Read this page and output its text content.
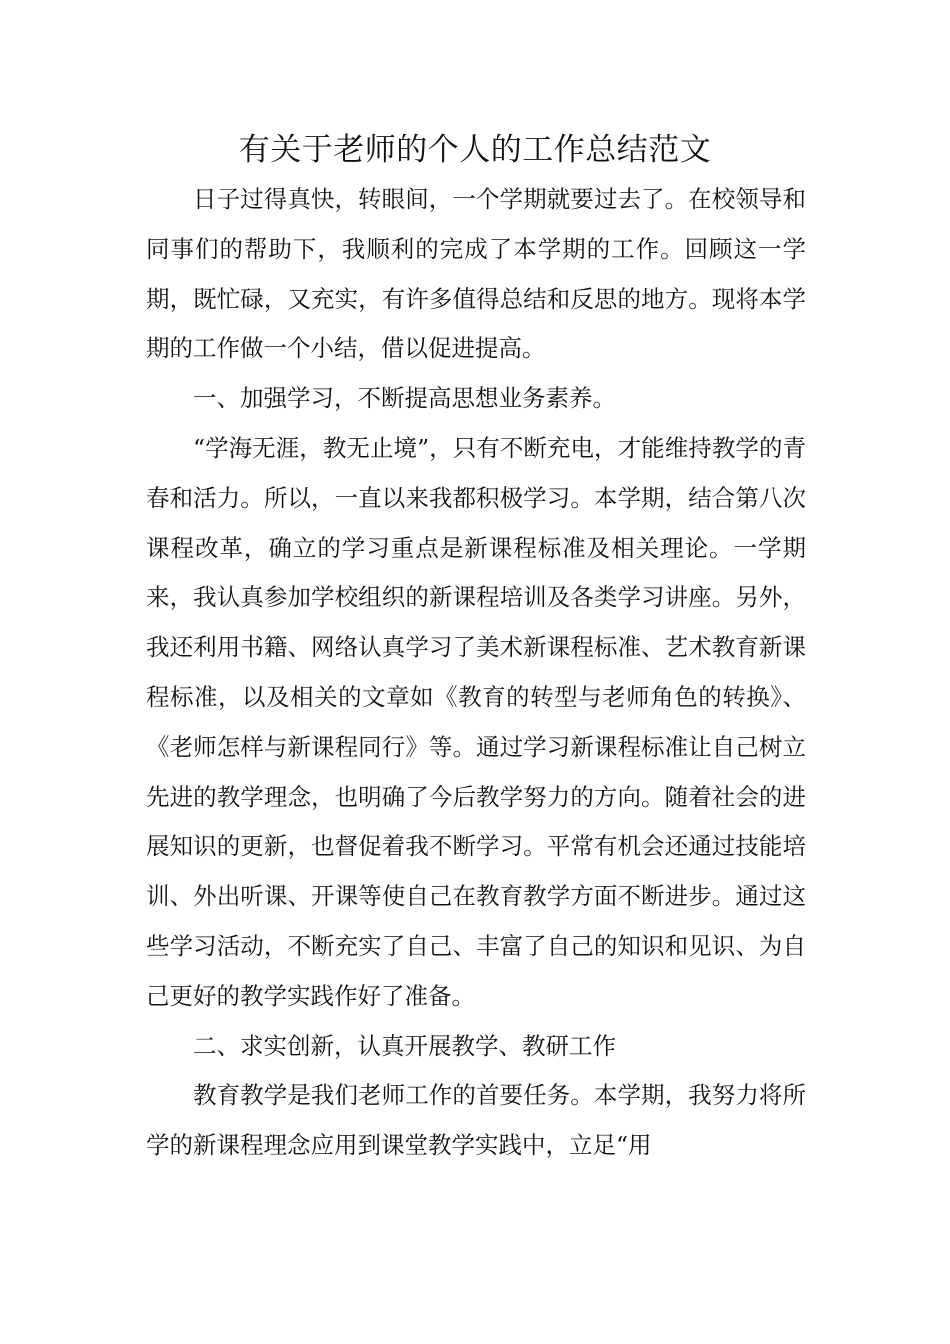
有关于老师的个人的工作总结范文

日子过得真快，转眼间，一个学期就要过去了。在校领导和同事们的帮助下，我顺利的完成了本学期的工作。回顾这一学期，既忙碌，又充实，有许多值得总结和反思的地方。现将本学期的工作做一个小结，借以促进提高。

一、加强学习，不断提高思想业务素养。

“学海无涯，教无止境”，只有不断充电，才能维持教学的青春和活力。所以，一直以来我都积极学习。本学期，结合第八次课程改革，确立的学习重点是新课程标准及相关理论。一学期来，我认真参加学校组织的新课程培训及各类学习讲座。另外，我还利用书籍、网络认真学习了美术新课程标准、艺术教育新课程标准，以及相关的文章如《教育的转型与老师角色的转换》、《老师怎样与新课程同行》等。通过学习新课程标准让自己树立先进的教学理念，也明确了今后教学努力的方向。随着社会的进展知识的更新，也督促着我不断学习。平常有机会还通过技能培训、外出听课、开课等使自己在教育教学方面不断进步。通过这些学习活动，不断充实了自己、丰富了自己的知识和见识、为自己更好的教学实践作好了准备。

二、求实创新，认真开展教学、教研工作

教育教学是我们老师工作的首要任务。本学期，我努力将所学的新课程理念应用到课堂教学实践中，立足“用
